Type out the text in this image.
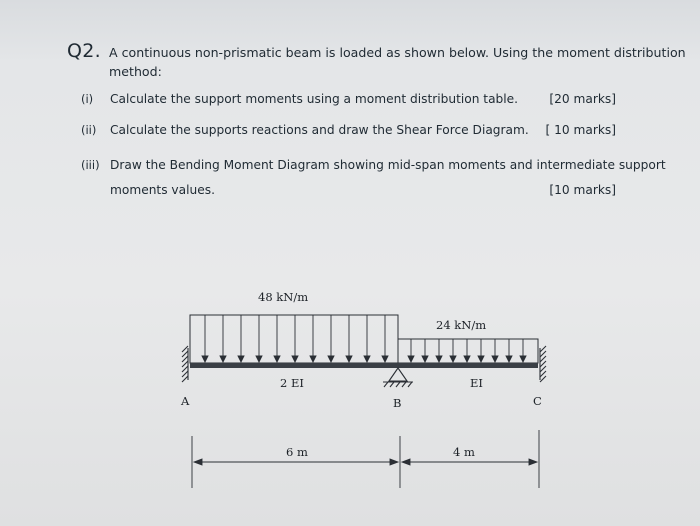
Q2. A continuous non-prismatic beam is loaded as shown below. Using the moment distribution
method:
(i) Calculate the support moments using a moment distribution table.	[20 marks]
(ii) Calculate the supports reactions and draw the Shear Force Diagram. [ 10 marks]
(iii) Draw the Bending Moment Diagram showing mid-span moments and intermediate support
moments values.	[10 marks]
48 kN/m
24 kN/m
2 EI	EI
A	B	C
6 m	4 m
